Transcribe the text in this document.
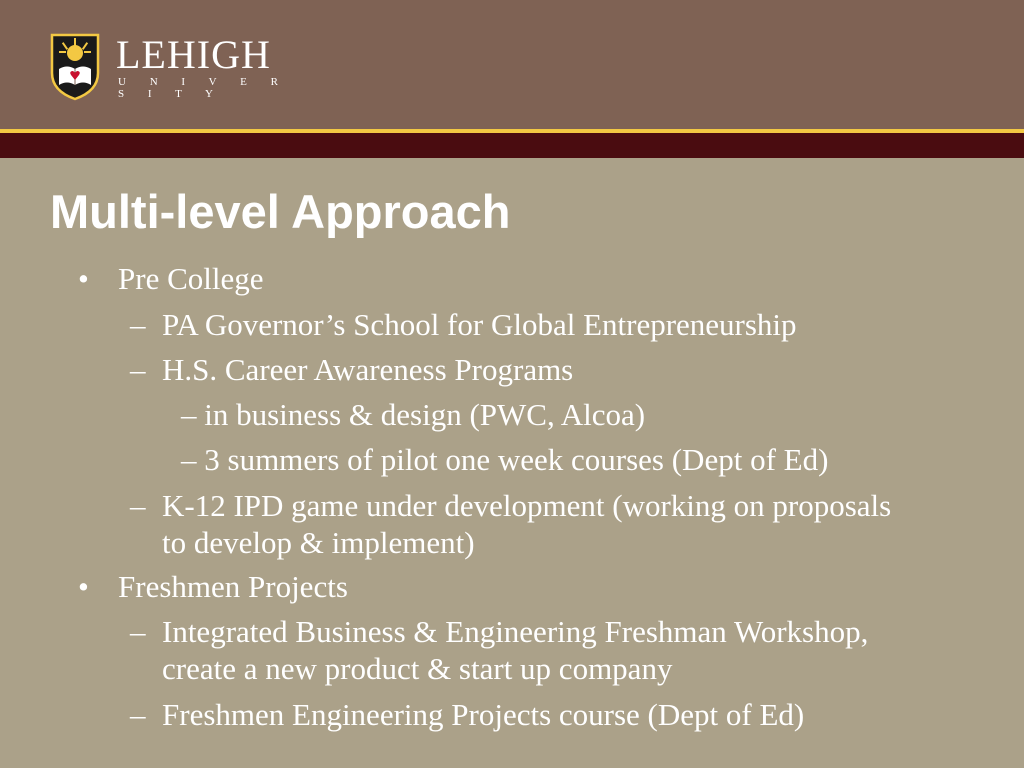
LEHIGH
U N I V E R S I T Y
Multi-level Approach
• Pre College
– PA Governor’s School for Global Entrepreneurship
– H.S. Career Awareness Programs
– in business & design (PWC, Alcoa)
– 3 summers of pilot one week courses (Dept of Ed)
– K-12 IPD game under development (working on proposals
to develop & implement)
• Freshmen Projects
– Integrated Business & Engineering Freshman Workshop,
create a new product & start up company
– Freshmen Engineering Projects course (Dept of Ed)
